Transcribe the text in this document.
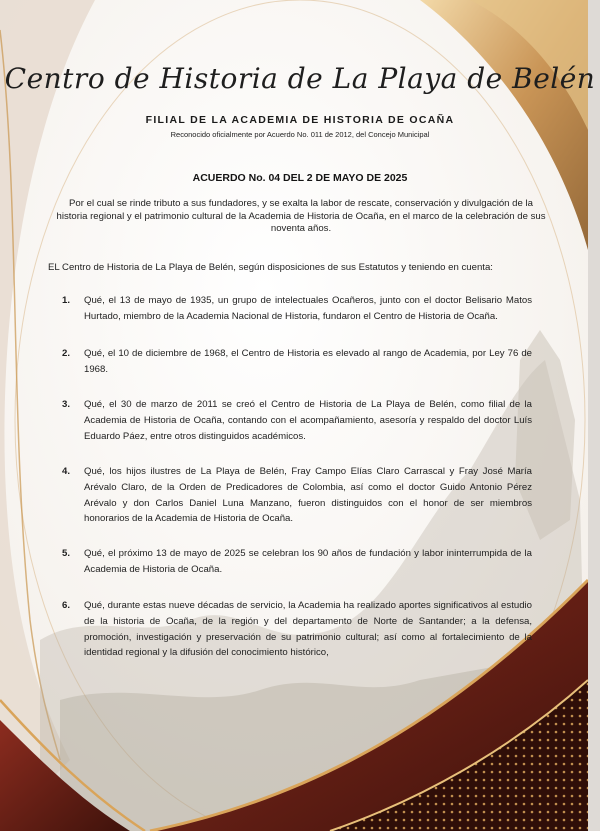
Centro de Historia de La Playa de Belén
FILIAL DE LA ACADEMIA DE HISTORIA DE OCAÑA
Reconocido oficialmente por Acuerdo No. 011 de 2012, del Concejo Municipal
ACUERDO No. 04 DEL 2 DE MAYO DE 2025
Por el cual se rinde tributo a sus fundadores, y se exalta la labor de rescate, conservación y divulgación de la historia regional y el patrimonio cultural de la Academia de Historia de Ocaña, en el marco de la celebración de sus noventa años.
EL Centro de Historia de La Playa de Belén, según disposiciones de sus Estatutos y teniendo en cuenta:
1. Qué, el 13 de mayo de 1935, un grupo de intelectuales Ocañeros, junto con el doctor Belisario Matos Hurtado, miembro de la Academia Nacional de Historia, fundaron el Centro de Historia de Ocaña.
2. Qué, el 10 de diciembre de 1968, el Centro de Historia es elevado al rango de Academia, por Ley 76 de 1968.
3. Qué, el 30 de marzo de 2011 se creó el Centro de Historia de La Playa de Belén, como filial de la Academia de Historia de Ocaña, contando con el acompañamiento, asesoría y respaldo del doctor Luís Eduardo Páez, entre otros distinguidos académicos.
4. Qué, los hijos ilustres de La Playa de Belén, Fray Campo Elías Claro Carrascal y Fray José María Arévalo Claro, de la Orden de Predicadores de Colombia, así como el doctor Guido Antonio Pérez Arévalo y don Carlos Daniel Luna Manzano, fueron distinguidos con el honor de ser miembros honorarios de la Academia de Historia de Ocaña.
5. Qué, el próximo 13 de mayo de 2025 se celebran los 90 años de fundación y labor ininterrumpida de la Academia de Historia de Ocaña.
6. Qué, durante estas nueve décadas de servicio, la Academia ha realizado aportes significativos al estudio de la historia de Ocaña, de la región y del departamento de Norte de Santander; a la defensa, promoción, investigación y preservación de su patrimonio cultural; así como al fortalecimiento de la identidad regional y la difusión del conocimiento histórico,
